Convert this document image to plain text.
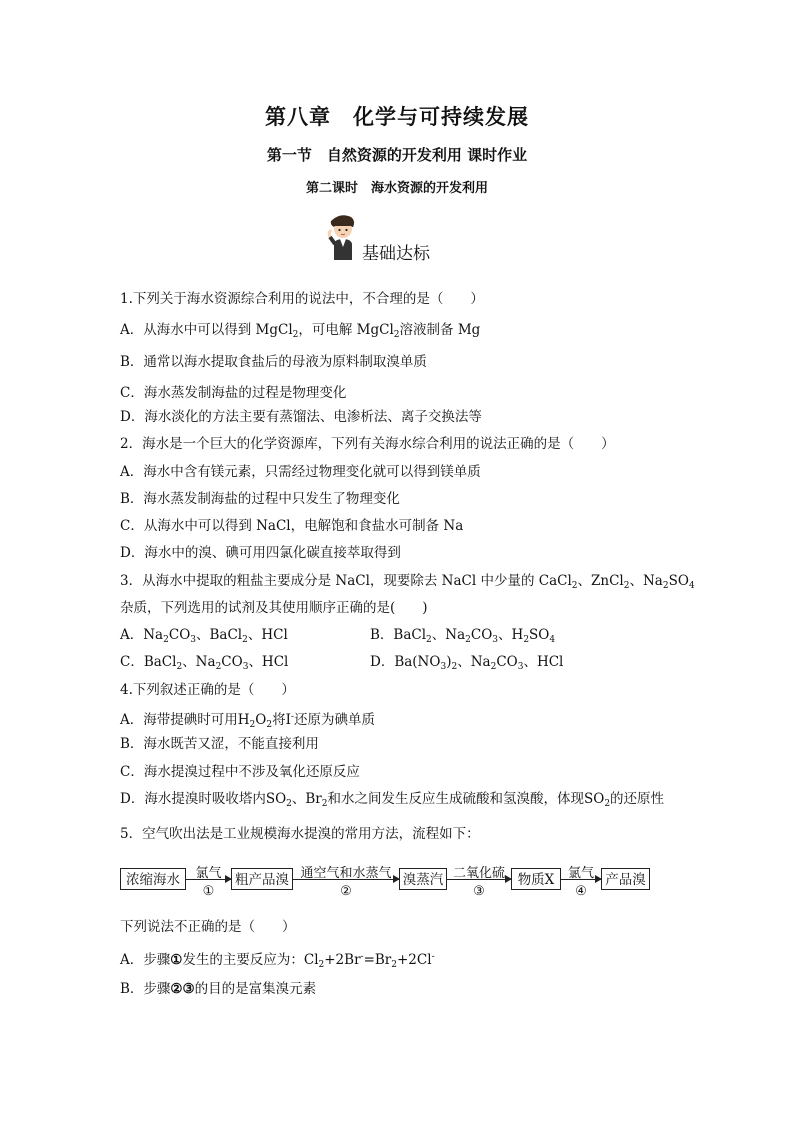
第八章　化学与可持续发展
第一节　自然资源的开发利用 课时作业
第二课时　海水资源的开发利用
基础达标
1.下列关于海水资源综合利用的说法中，不合理的是（　　）
A．从海水中可以得到 MgCl$_2$，可电解 MgCl$_2$溶液制备 Mg
B．通常以海水提取食盐后的母液为原料制取溴单质
C．海水蒸发制海盐的过程是物理变化
D．海水淡化的方法主要有蒸馏法、电渗析法、离子交换法等
2．海水是一个巨大的化学资源库，下列有关海水综合利用的说法正确的是（　　）
A．海水中含有镁元素，只需经过物理变化就可以得到镁单质
B．海水蒸发制海盐的过程中只发生了物理变化
C．从海水中可以得到 NaCl，电解饱和食盐水可制备 Na
D．海水中的溴、碘可用四氯化碳直接萃取得到
3．从海水中提取的粗盐主要成分是 NaCl，现要除去 NaCl 中少量的 CaCl$_2$、ZnCl$_2$、$Na_2SO_4$
杂质，下列选用的试剂及其使用顺序正确的是(　　)
A．$Na_2CO_3$、BaCl$_2$、HCl	B．BaCl$_2$、$Na_2CO_3$、$H_2SO_4$
C．BaCl$_2$、$Na_2CO_3$、HCl	D．$Ba(NO_3)_2$、$Na_2CO_3$、HCl
4.下列叙述正确的是（　　）
A．海带提碘时可用$H_2O_2$将I-还原为碘单质
B．海水既苦又涩，不能直接利用
C．海水提溴过程中不涉及氧化还原反应
D．海水提溴时吸收塔内$SO_2$、$Br_2$和水之间发生反应生成硫酸和氢溴酸，体现$SO_2$的还原性
5．空气吹出法是工业规模海水提溴的常用方法，流程如下：
浓缩海水	氯气
①
粗产品溴 通空气和水蒸气
②
溴蒸汽 二氧化硫
③
物质X	氯气
④
产品溴
下列说法不正确的是（　　）
A．步骤①发生的主要反应为：$Cl_2+2Br^-=Br_2+2Cl^-$
B．步骤②③的目的是富集溴元素
